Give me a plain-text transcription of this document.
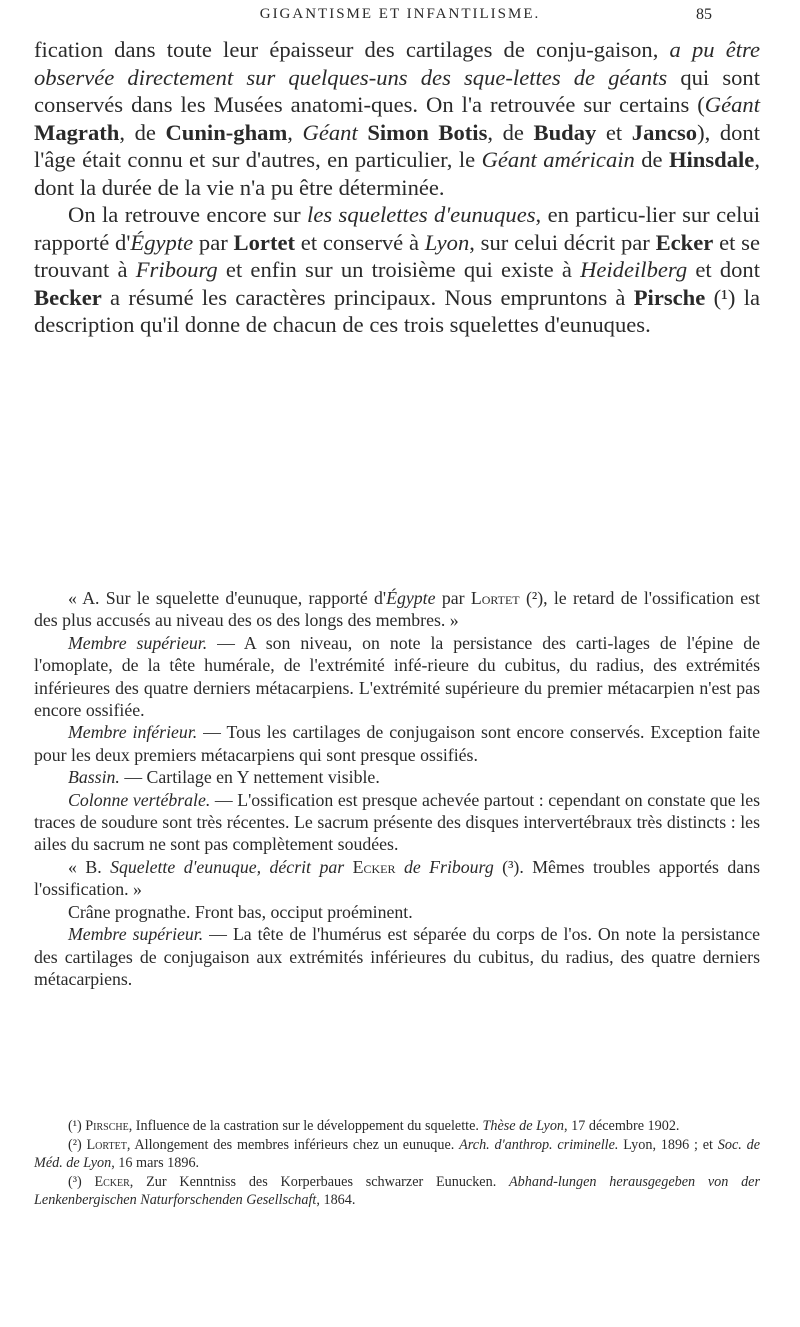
GIGANTISME ET INFANTILISME.	85

fication dans toute leur épaisseur des cartilages de conju-gaison, a pu être observée directement sur quelques-uns des sque-lettes de géants qui sont conservés dans les Musées anatomi-ques. On l'a retrouvée sur certains (Géant Magrath, de Cunin-gham, Géant Simon Botis, de Buday et Jancso), dont l'âge était connu et sur d'autres, en particulier, le Géant américain de Hinsdale, dont la durée de la vie n'a pu être déterminée.

On la retrouve encore sur les squelettes d'eunuques, en particu-lier sur celui rapporté d'Égypte par Lortet et conservé à Lyon, sur celui décrit par Ecker et se trouvant à Fribourg et enfin sur un troisième qui existe à Heideilberg et dont Becker a résumé les caractères principaux. Nous empruntons à Pirsche (¹) la description qu'il donne de chacun de ces trois squelettes d'eunuques.

« A. Sur le squelette d'eunuque, rapporté d'Égypte par Lortet (²), le retard de l'ossification est des plus accusés au niveau des os des longs des membres. »

Membre supérieur. — A son niveau, on note la persistance des carti-lages de l'épine de l'omoplate, de la tête humérale, de l'extrémité infé-rieure du cubitus, du radius, des extrémités inférieures des quatre derniers métacarpiens. L'extrémité supérieure du premier métacarpien n'est pas encore ossifiée.

Membre inférieur. — Tous les cartilages de conjugaison sont encore conservés. Exception faite pour les deux premiers métacarpiens qui sont presque ossifiés.

Bassin. — Cartilage en Y nettement visible.

Colonne vertébrale. — L'ossification est presque achevée partout : cependant on constate que les traces de soudure sont très récentes. Le sacrum présente des disques intervertébraux très distincts : les ailes du sacrum ne sont pas complètement soudées.

« B. Squelette d'eunuque, décrit par Ecker de Fribourg (³). Mêmes troubles apportés dans l'ossification. »

Crâne prognathe. Front bas, occiput proéminent.

Membre supérieur. — La tête de l'humérus est séparée du corps de l'os. On note la persistance des cartilages de conjugaison aux extrémités inférieures du cubitus, du radius, des quatre derniers métacarpiens.

(¹) Pirsche, Influence de la castration sur le développement du squelette. Thèse de Lyon, 17 décembre 1902.

(²) Lortet, Allongement des membres inférieurs chez un eunuque. Arch. d'anthrop. criminelle. Lyon, 1896 ; et Soc. de Méd. de Lyon, 16 mars 1896.

(³) Ecker, Zur Kenntniss des Korperbaues schwarzer Eunucken. Abhand-lungen herausgegeben von der Lenkenbergischen Naturforschenden Gesellschaft, 1864.
